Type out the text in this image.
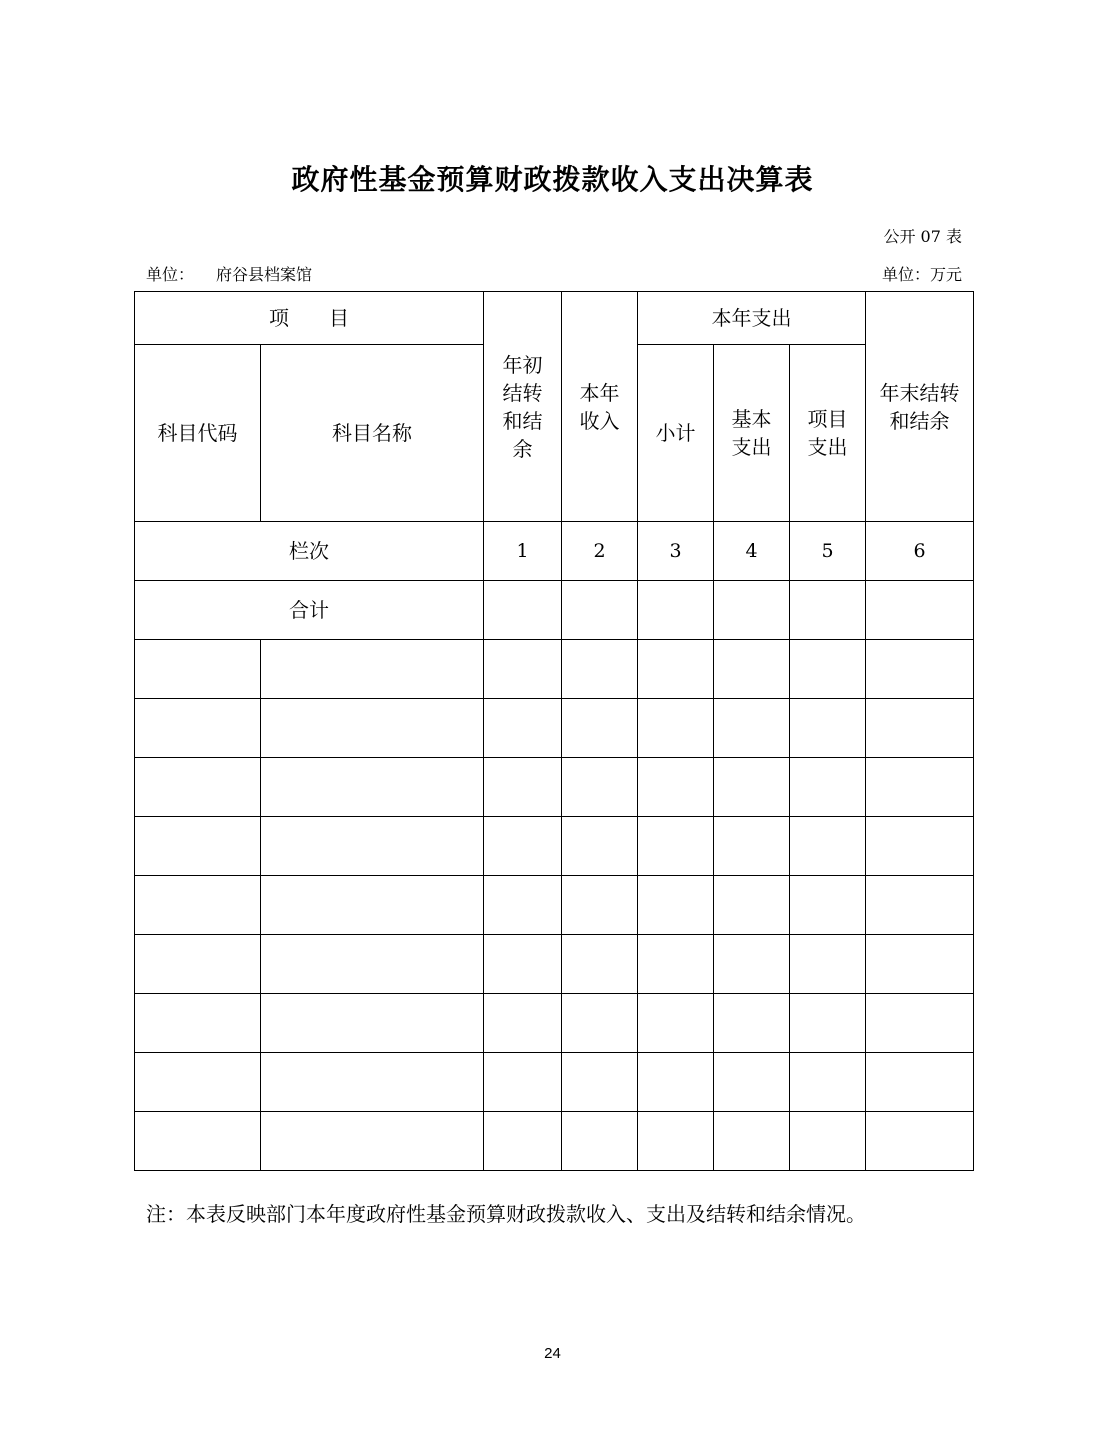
政府性基金预算财政拨款收入支出决算表
公开 07 表
单位： 府谷县档案馆	单位：万元
项　　目		年初结转和结余	本年收入	本年支出			年末结转和结余
科目代码	科目名称			小计	基本支出	项目支出	
栏次		1	2	3	4	5	6
合计							

注：本表反映部门本年度政府性基金预算财政拨款收入、支出及结转和结余情况。
24
